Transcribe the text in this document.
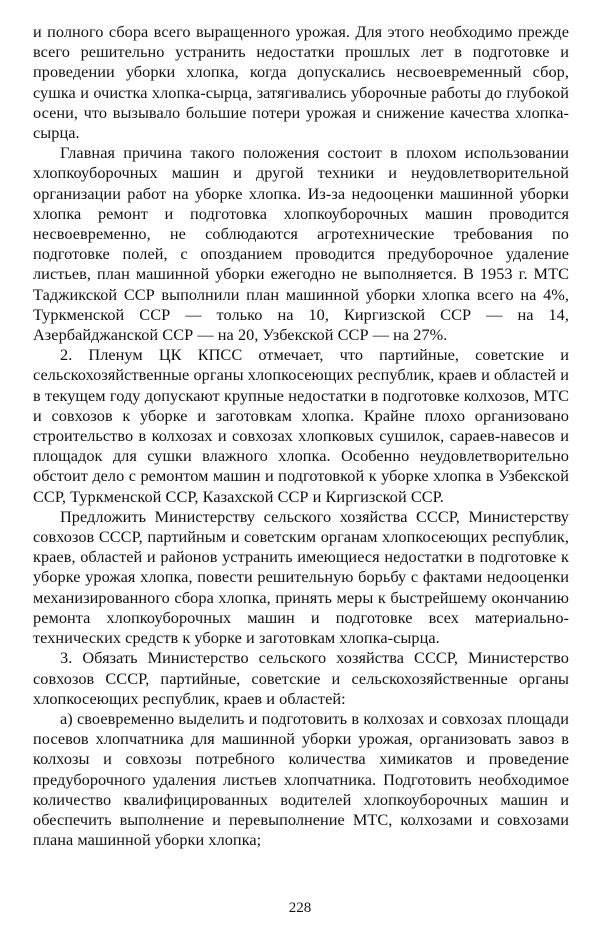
и полного сбора всего выращенного урожая. Для этого необходимо прежде всего решительно устранить недостатки прошлых лет в подготовке и проведении уборки хлопка, когда допускались несвоевременный сбор, сушка и очистка хлопка-сырца, затягивались уборочные работы до глубокой осени, что вызывало большие потери урожая и снижение качества хлопка-сырца.

Главная причина такого положения состоит в плохом использовании хлопкоуборочных машин и другой техники и неудовлетворительной организации работ на уборке хлопка. Из-за недооценки машинной уборки хлопка ремонт и подготовка хлопкоуборочных машин проводится несвоевременно, не соблюдаются агротехнические требования по подготовке полей, с опозданием проводится предуборочное удаление листьев, план машинной уборки ежегодно не выполняется. В 1953 г. МТС Таджикской ССР выполнили план машинной уборки хлопка всего на 4%, Туркменской ССР — только на 10, Киргизской ССР — на 14, Азербайджанской ССР — на 20, Узбекской ССР — на 27%.

2. Пленум ЦК КПСС отмечает, что партийные, советские и сельскохозяйственные органы хлопкосеющих республик, краев и областей и в текущем году допускают крупные недостатки в подготовке колхозов, МТС и совхозов к уборке и заготовкам хлопка. Крайне плохо организовано строительство в колхозах и совхозах хлопковых сушилок, сараев-навесов и площадок для сушки влажного хлопка. Особенно неудовлетворительно обстоит дело с ремонтом машин и подготовкой к уборке хлопка в Узбекской ССР, Туркменской ССР, Казахской ССР и Киргизской ССР.

Предложить Министерству сельского хозяйства СССР, Министерству совхозов СССР, партийным и советским органам хлопкосеющих республик, краев, областей и районов устранить имеющиеся недостатки в подготовке к уборке урожая хлопка, повести решительную борьбу с фактами недооценки механизированного сбора хлопка, принять меры к быстрейшему окончанию ремонта хлопкоуборочных машин и подготовке всех материально-технических средств к уборке и заготовкам хлопка-сырца.

3. Обязать Министерство сельского хозяйства СССР, Министерство совхозов СССР, партийные, советские и сельскохозяйственные органы хлопкосеющих республик, краев и областей:

а) своевременно выделить и подготовить в колхозах и совхозах площади посевов хлопчатника для машинной уборки урожая, организовать завоз в колхозы и совхозы потребного количества химикатов и проведение предуборочного удаления листьев хлопчатника. Подготовить необходимое количество квалифицированных водителей хлопкоуборочных машин и обеспечить выполнение и перевыполнение МТС, колхозами и совхозами плана машинной уборки хлопка;

228
